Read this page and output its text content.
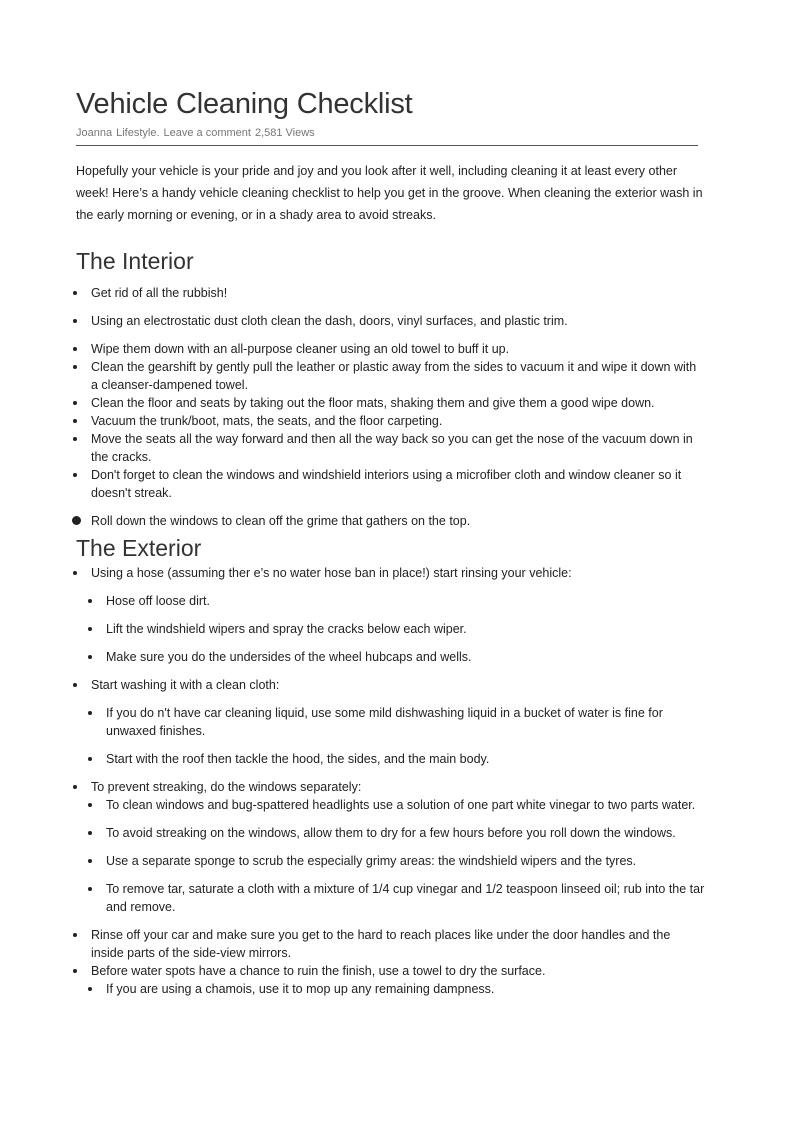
Vehicle Cleaning Checklist
Joanna Lifestyle. Leave a comment 2,581 Views
Hopefully your vehicle is your pride and joy and you look after it well, including cleaning it at least every other week! Here’s a handy vehicle cleaning checklist to help you get in the groove. When cleaning the exterior wash in the early morning or evening, or in a shady area to avoid streaks.
The Interior
Get rid of all the rubbish!
Using an electrostatic dust cloth clean the dash, doors, vinyl surfaces, and plastic trim.
Wipe them down with an all-purpose cleaner using an old towel to buff it up.
Clean the gearshift by gently pull the leather or plastic away from the sides to vacuum it and wipe it down with a cleanser-dampened towel.
Clean the floor and seats by taking out the floor mats, shaking them and give them a good wipe down.
Vacuum the trunk/boot, mats, the seats, and the floor carpeting.
Move the seats all the way forward and then all the way back so you can get the nose of the vacuum down in the cracks.
Don't forget to clean the windows and windshield interiors using a microfiber cloth and window cleaner so it doesn't streak.
Roll down the windows to clean off the grime that gathers on the top.
The Exterior
Using a hose (assuming ther e’s no water hose ban in place!) start rinsing your vehicle:
Hose off loose dirt.
Lift the windshield wipers and spray the cracks below each wiper.
Make sure you do the undersides of the wheel hubcaps and wells.
Start washing it with a clean cloth:
If you do n't have car cleaning liquid, use some mild dishwashing liquid in a bucket of water is fine for unwaxed finishes.
Start with the roof then tackle the hood, the sides, and the main body.
To prevent streaking, do the windows separately:
To clean windows and bug-spattered headlights use a solution of one part white vinegar to two parts water.
To avoid streaking on the windows, allow them to dry for a few hours before you roll down the windows.
Use a separate sponge to scrub the especially grimy areas: the windshield wipers and the tyres.
To remove tar, saturate a cloth with a mixture of 1/4 cup vinegar and 1/2 teaspoon linseed oil; rub into the tar and remove.
Rinse off your car and make sure you get to the hard to reach places like under the door handles and the inside parts of the side-view mirrors.
Before water spots have a chance to ruin the finish, use a towel to dry the surface.
If you are using a chamois, use it to mop up any remaining dampness.
